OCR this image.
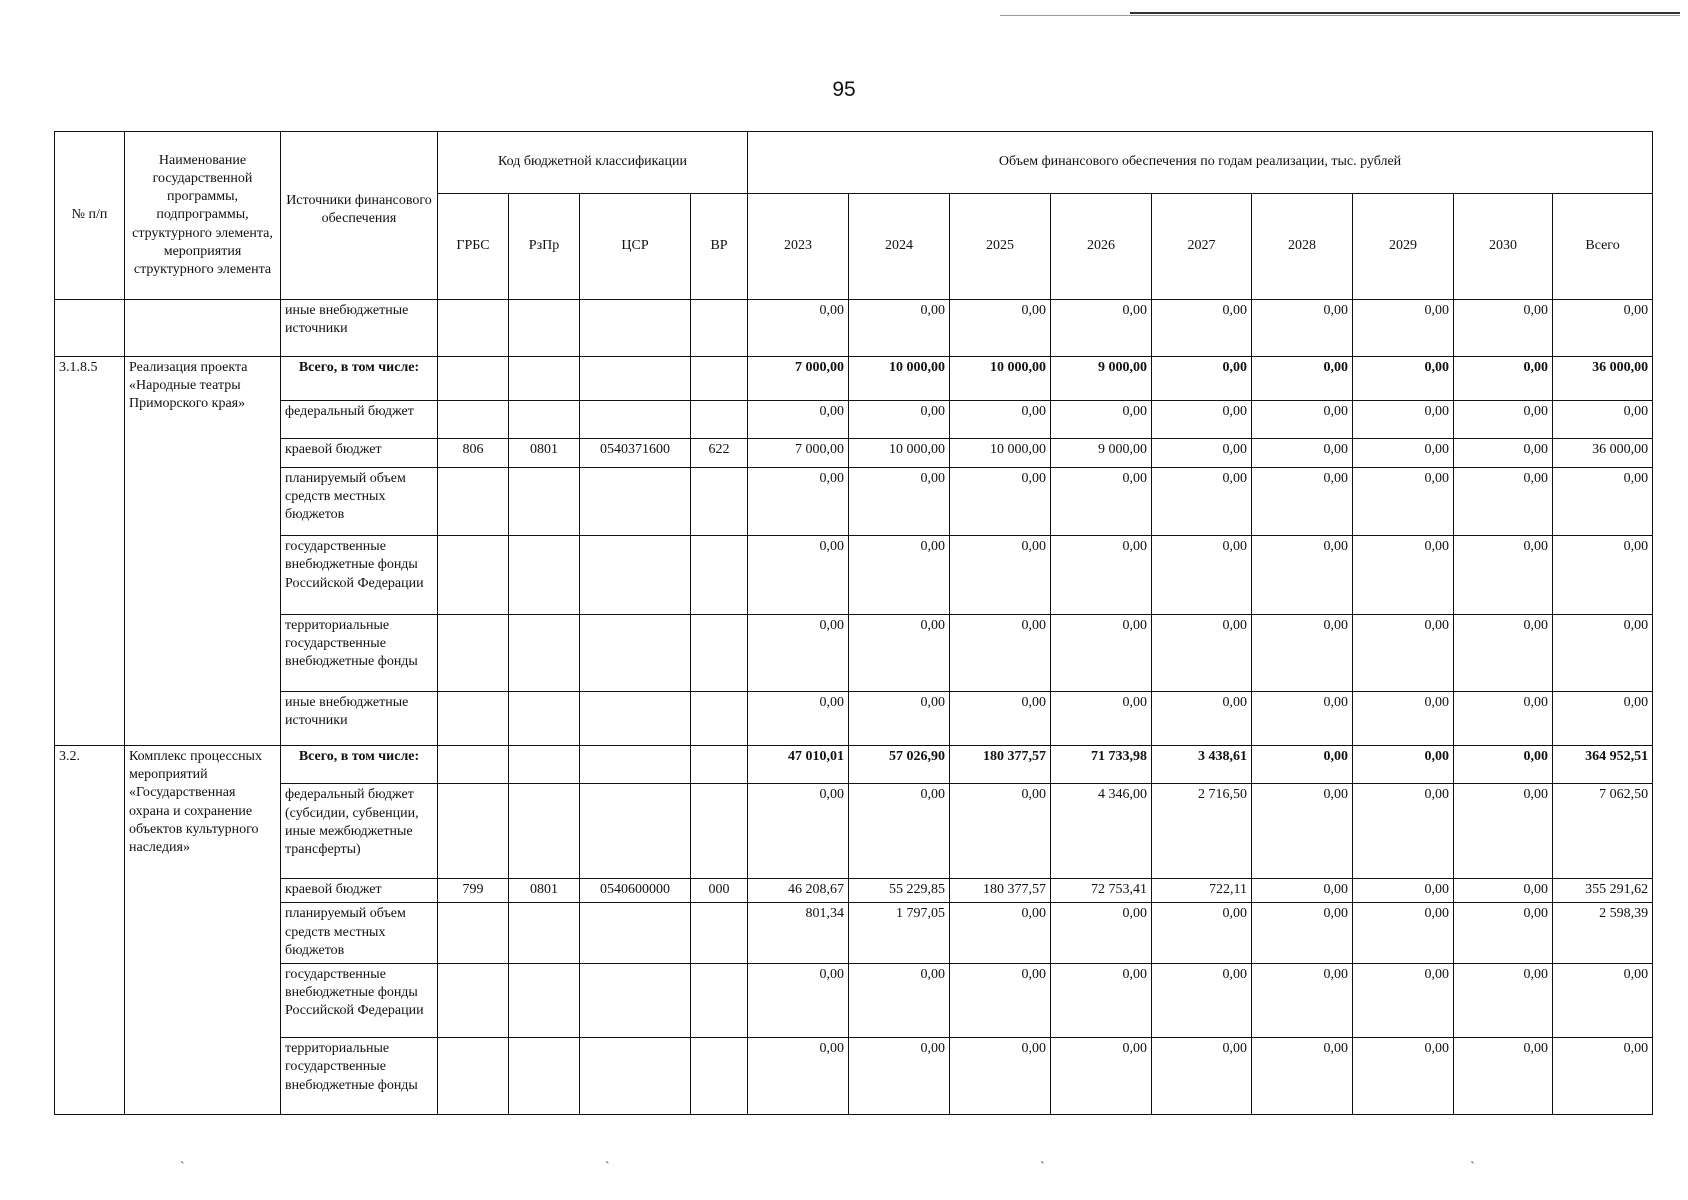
95
№ п/п	Наименование государственной программы, подпрограммы, структурного элемента, мероприятия структурного элемента	Источники финансового обеспечения	Код бюджетной классификации				Объем финансового обеспечения по годам реализации, тыс. рублей								
			ГРБС	РзПр	ЦСР	ВР	2023	2024	2025	2026	2027	2028	2029	2030	Всего
		иные внебюджетные источники					0,00	0,00	0,00	0,00	0,00	0,00	0,00	0,00	0,00
3.1.8.5	Реализация проекта «Народные театры Приморского края»	Всего, в том числе:					7 000,00	10 000,00	10 000,00	9 000,00	0,00	0,00	0,00	0,00	36 000,00
		федеральный бюджет					0,00	0,00	0,00	0,00	0,00	0,00	0,00	0,00	0,00
		краевой бюджет	806	0801	0540371600	622	7 000,00	10 000,00	10 000,00	9 000,00	0,00	0,00	0,00	0,00	36 000,00
		планируемый объем средств местных бюджетов					0,00	0,00	0,00	0,00	0,00	0,00	0,00	0,00	0,00
		государственные внебюджетные фонды Российской Федерации					0,00	0,00	0,00	0,00	0,00	0,00	0,00	0,00	0,00
		территориальные государственные внебюджетные фонды					0,00	0,00	0,00	0,00	0,00	0,00	0,00	0,00	0,00
		иные внебюджетные источники					0,00	0,00	0,00	0,00	0,00	0,00	0,00	0,00	0,00
3.2.	Комплекс процессных мероприятий «Государственная охрана и сохранение объектов культурного наследия»	Всего, в том числе:					47 010,01	57 026,90	180 377,57	71 733,98	3 438,61	0,00	0,00	0,00	364 952,51
		федеральный бюджет (субсидии, субвенции, иные межбюджетные трансферты)					0,00	0,00	0,00	4 346,00	2 716,50	0,00	0,00	0,00	7 062,50
		краевой бюджет	799	0801	0540600000	000	46 208,67	55 229,85	180 377,57	72 753,41	722,11	0,00	0,00	0,00	355 291,62
		планируемый объем средств местных бюджетов					801,34	1 797,05	0,00	0,00	0,00	0,00	0,00	0,00	2 598,39
		государственные внебюджетные фонды Российской Федерации					0,00	0,00	0,00	0,00	0,00	0,00	0,00	0,00	0,00
		территориальные государственные внебюджетные фонды					0,00	0,00	0,00	0,00	0,00	0,00	0,00	0,00	0,00
ˋ	ˋ	ˋ	ˋ
